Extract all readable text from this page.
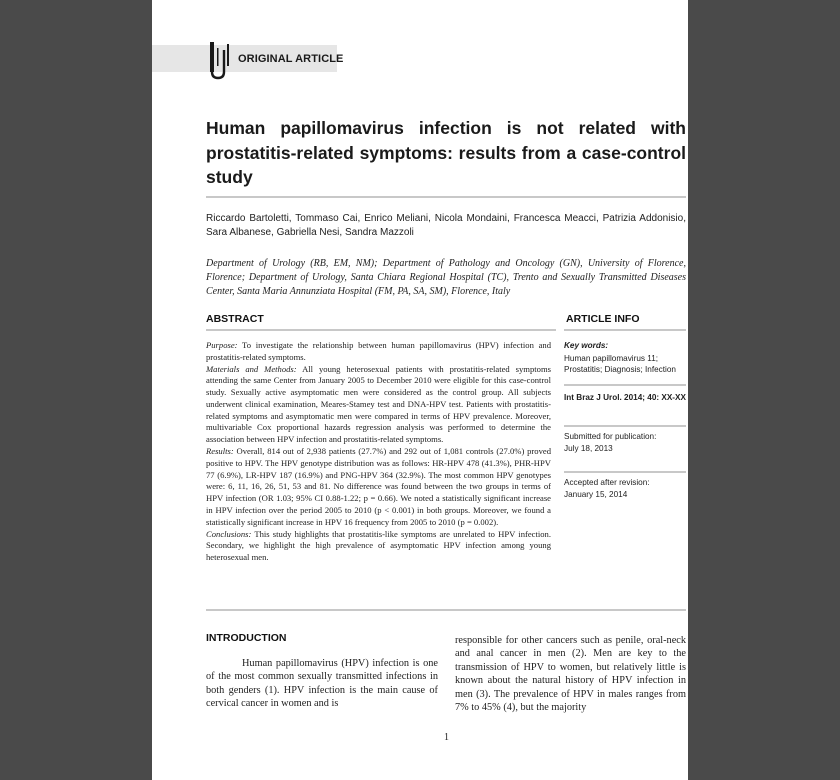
ORIGINAL ARTICLE
Human papillomavirus infection is not related with prostatitis-related symptoms: results from a case-control study
Riccardo Bartoletti, Tommaso Cai, Enrico Meliani, Nicola Mondaini, Francesca Meacci, Patrizia Addonisio, Sara Albanese, Gabriella Nesi, Sandra Mazzoli
Department of Urology (RB, EM, NM); Department of Pathology and Oncology (GN), University of Florence, Florence; Department of Urology, Santa Chiara Regional Hospital (TC), Trento and Sexually Transmitted Diseases Center, Santa Maria Annunziata Hospital (FM, PA, SA, SM), Florence, Italy
ABSTRACT	ARTICLE INFO

Purpose: To investigate the relationship between human papillomavirus (HPV) infection and prostatitis-related symptoms.

Materials and Methods: All young heterosexual patients with prostatitis-related symptoms attending the same Center from January 2005 to December 2010 were eligible for this case-control study. Sexually active asymptomatic men were considered as the control group. All subjects underwent clinical examination, Meares-Stamey test and DNA-HPV test. Patients with prostatitis-related symptoms and asymptomatic men were compared in terms of HPV prevalence. Moreover, multivariable Cox proportional hazards regression analysis was performed to determine the association between HPV infection and prostatitis-related symptoms.

Results: Overall, 814 out of 2,938 patients (27.7%) and 292 out of 1,081 controls (27.0%) proved positive to HPV. The HPV genotype distribution was as follows: HR-HPV 478 (41.3%), PHR-HPV 77 (6.9%), LR-HPV 187 (16.9%) and PNG-HPV 364 (32.9%). The most common HPV genotypes were: 6, 11, 16, 26, 51, 53 and 81. No difference was found between the two groups in terms of HPV infection (OR 1.03; 95% CI 0.88-1.22; p = 0.66). We noted a statistically significant increase in HPV infection over the period 2005 to 2010 (p < 0.001) in both groups. Moreover, we found a statistically significant increase in HPV 16 frequency from 2005 to 2010 (p = 0.002).

Conclusions: This study highlights that prostatitis-like symptoms are unrelated to HPV infection. Secondary, we highlight the high prevalence of asymptomatic HPV infection among young heterosexual men.

Key words:
Human papillomavirus 11; Prostatitis; Diagnosis; Infection
Int Braz J Urol. 2014; 40: XX-XX
Submitted for publication:
July 18, 2013
Accepted after revision:
January 15, 2014
INTRODUCTION

Human papillomavirus (HPV) infection is one of the most common sexually transmitted infections in both genders (1). HPV infection is the main cause of cervical cancer in women and is

responsible for other cancers such as penile, oral-neck and anal cancer in men (2). Men are key to the transmission of HPV to women, but relatively little is known about the natural history of HPV infection in men (3). The prevalence of HPV in males ranges from 7% to 45% (4), but the majority

1
